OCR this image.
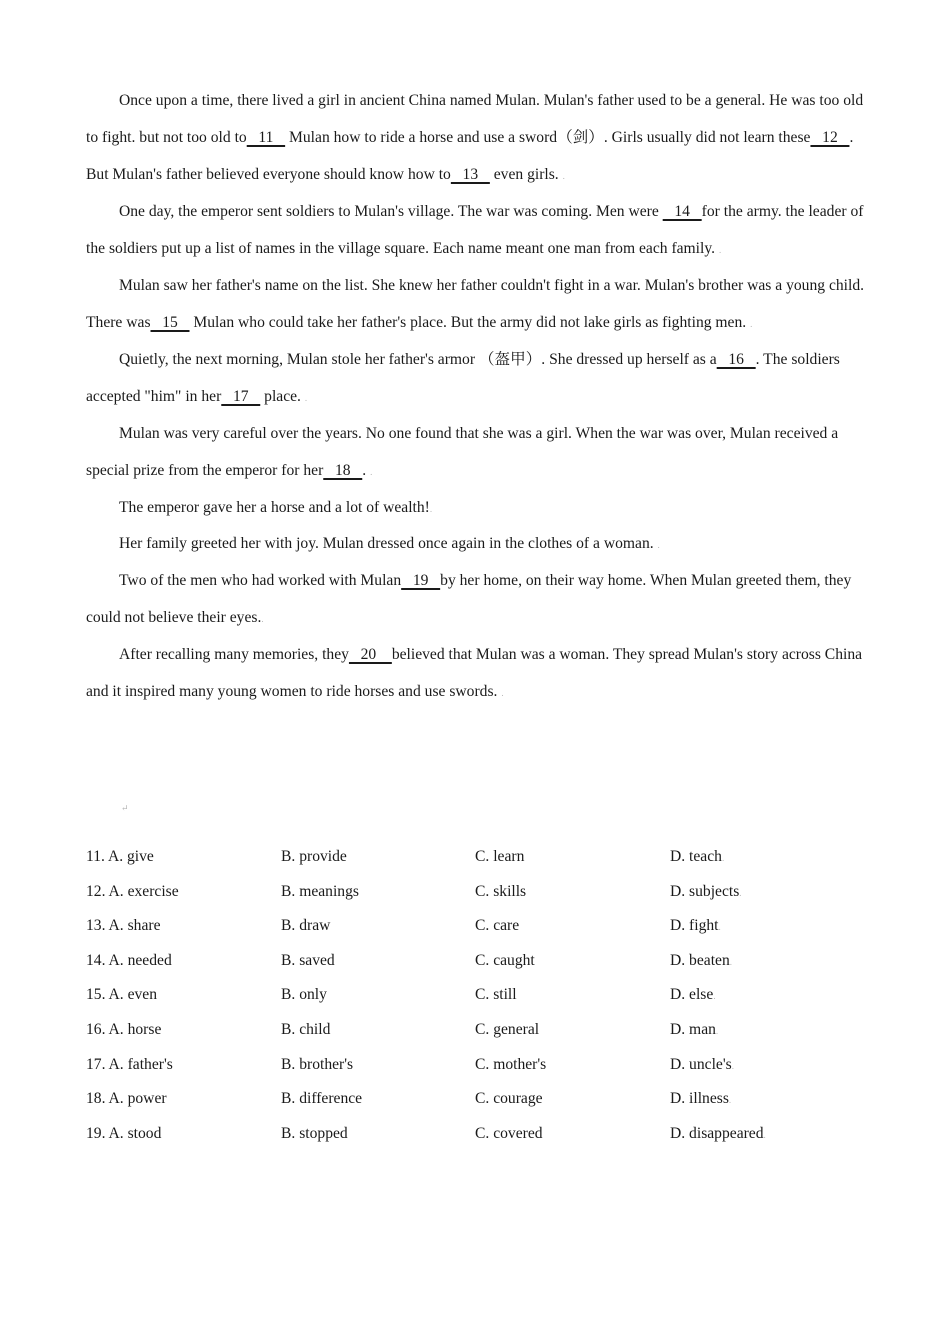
Once upon a time, there lived a girl in ancient China named Mulan. Mulan's father used to be a general. He was too old to fight. but not too old to   11    Mulan how to ride a horse and use a sword（剑）. Girls usually did not learn these   12   . But Mulan's father believed everyone should know how to   13    even girls. .

One day, the emperor sent soldiers to Mulan's village. The war was coming. Men were    14   for the army. the leader of the soldiers put up a list of names in the village square. Each name meant one man from each family. .

Mulan saw her father's name on the list. She knew her father couldn't fight in a war. Mulan's brother was a young child. There was   15    Mulan who could take her father's place. But the army did not lake girls as fighting men. .

Quietly, the next morning, Mulan stole her father's armor （盔甲）. She dressed up herself as a   16   . The soldiers accepted "him" in her   17    place. .

Mulan was very careful over the years. No one found that she was a girl. When the war was over, Mulan received a special prize from the emperor for her   18   . .

The emperor gave her a horse and a lot of wealth!.

Her family greeted her with joy. Mulan dressed once again in the clothes of a woman. .

Two of the men who had worked with Mulan   19   by her home, on their way home. When Mulan greeted them, they could not believe their eyes..

After recalling many memories, they   20    believed that Mulan was a woman. They spread Mulan's story across China and it inspired many young women to ride horses and use swords. .

↵
11. A. give	B. provide	C. learn	D. teach.
12. A. exercise	B. meanings	C. skills	D. subjects.
13. A. share	B. draw	C. care	D. fight.
14. A. needed	B. saved	C. caught	D. beaten.
15. A. even	B. only	C. still	D. else.
16. A. horse	B. child	C. general	D. man.
17. A. father's	B. brother's	C. mother's	D. uncle's.
18. A. power	B. difference	C. courage	D. illness.
19. A. stood	B. stopped	C. covered	D. disappeared.
